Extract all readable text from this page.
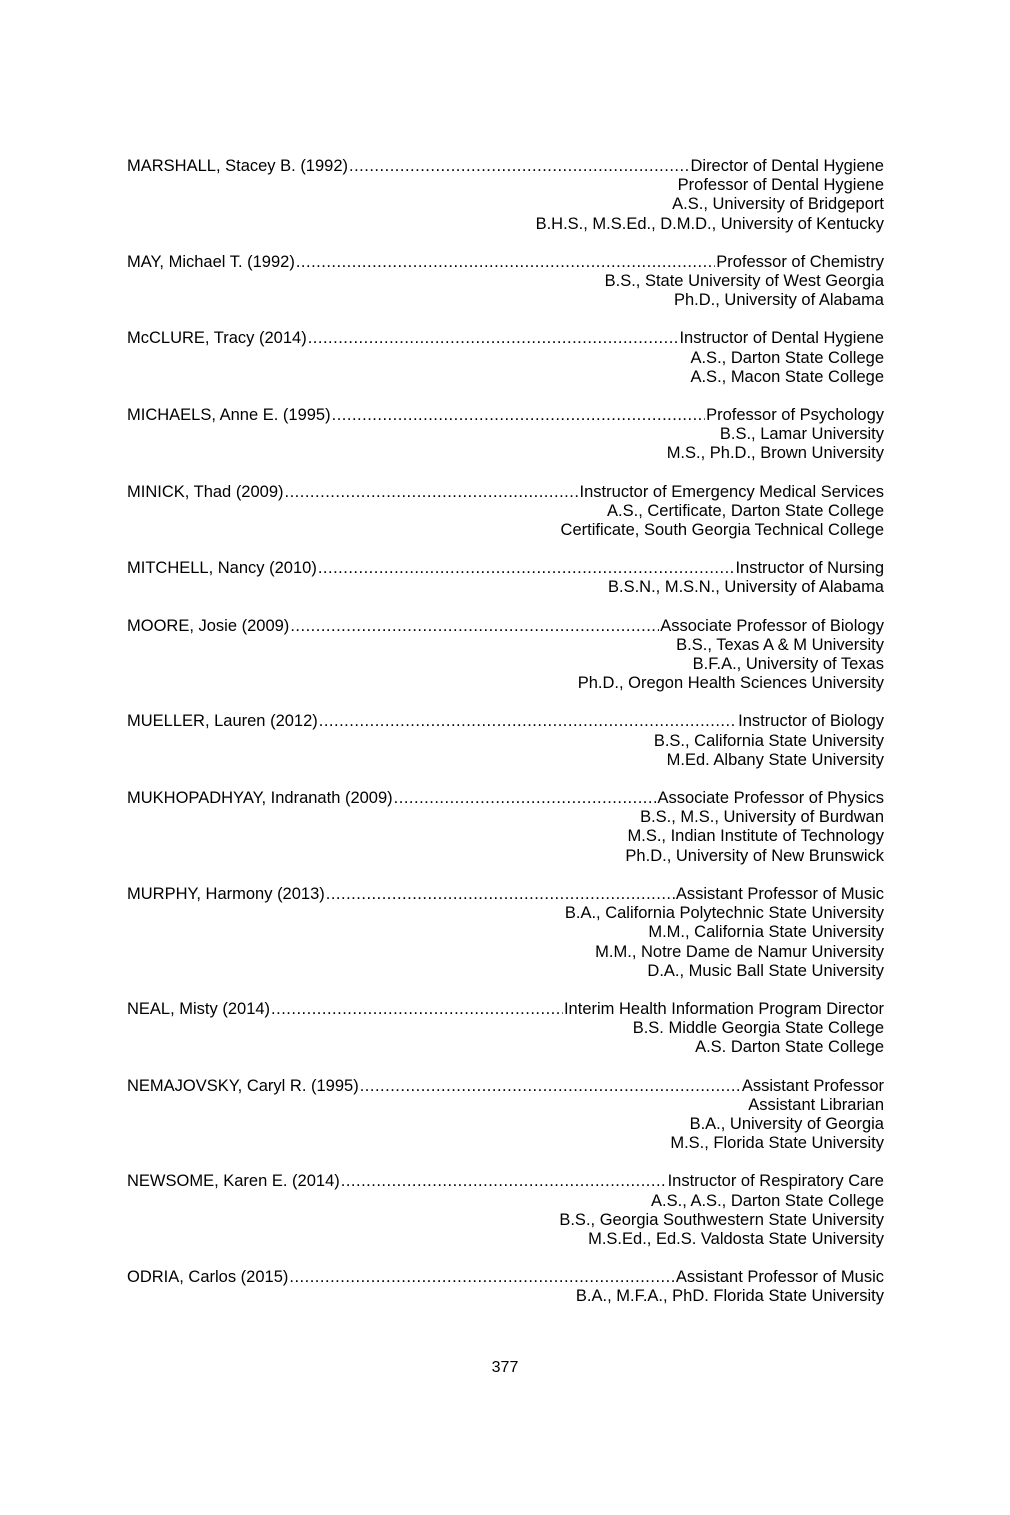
MARSHALL, Stacey B. (1992) .....	Director of Dental Hygiene
Professor of Dental Hygiene
A.S., University of Bridgeport
B.H.S., M.S.Ed., D.M.D., University of Kentucky
MAY, Michael T. (1992) .....	Professor of Chemistry
B.S., State University of West Georgia
Ph.D., University of Alabama
McCLURE, Tracy (2014) .....	Instructor of Dental Hygiene
A.S., Darton State College
A.S., Macon State College
MICHAELS, Anne E. (1995) .....	Professor of Psychology
B.S., Lamar University
M.S., Ph.D., Brown University
MINICK, Thad (2009) .....	Instructor of Emergency Medical Services
A.S., Certificate, Darton State College
Certificate, South Georgia Technical College
MITCHELL, Nancy (2010) .....	Instructor of Nursing
B.S.N., M.S.N., University of Alabama
MOORE, Josie (2009) .....	Associate Professor of Biology
B.S., Texas A & M University
B.F.A., University of Texas
Ph.D., Oregon Health Sciences University
MUELLER, Lauren (2012) .....	Instructor of Biology
B.S., California State University
M.Ed. Albany State University
MUKHOPADHYAY, Indranath (2009) .....	Associate Professor of Physics
B.S., M.S., University of Burdwan
M.S., Indian Institute of Technology
Ph.D., University of New Brunswick
MURPHY, Harmony (2013) .....	Assistant Professor of Music
B.A., California Polytechnic State University
M.M., California State University
M.M., Notre Dame de Namur University
D.A., Music Ball State University
NEAL, Misty (2014) .....	Interim Health Information Program Director
B.S. Middle Georgia State College
A.S. Darton State College
NEMAJOVSKY, Caryl R. (1995) .....	Assistant Professor
Assistant Librarian
B.A., University of Georgia
M.S., Florida State University
NEWSOME, Karen E. (2014) .....	Instructor of Respiratory Care
A.S., A.S., Darton State College
B.S., Georgia Southwestern State University
M.S.Ed., Ed.S. Valdosta State University
ODRIA, Carlos (2015) .....	Assistant Professor of Music
B.A., M.F.A., PhD. Florida State University
377
